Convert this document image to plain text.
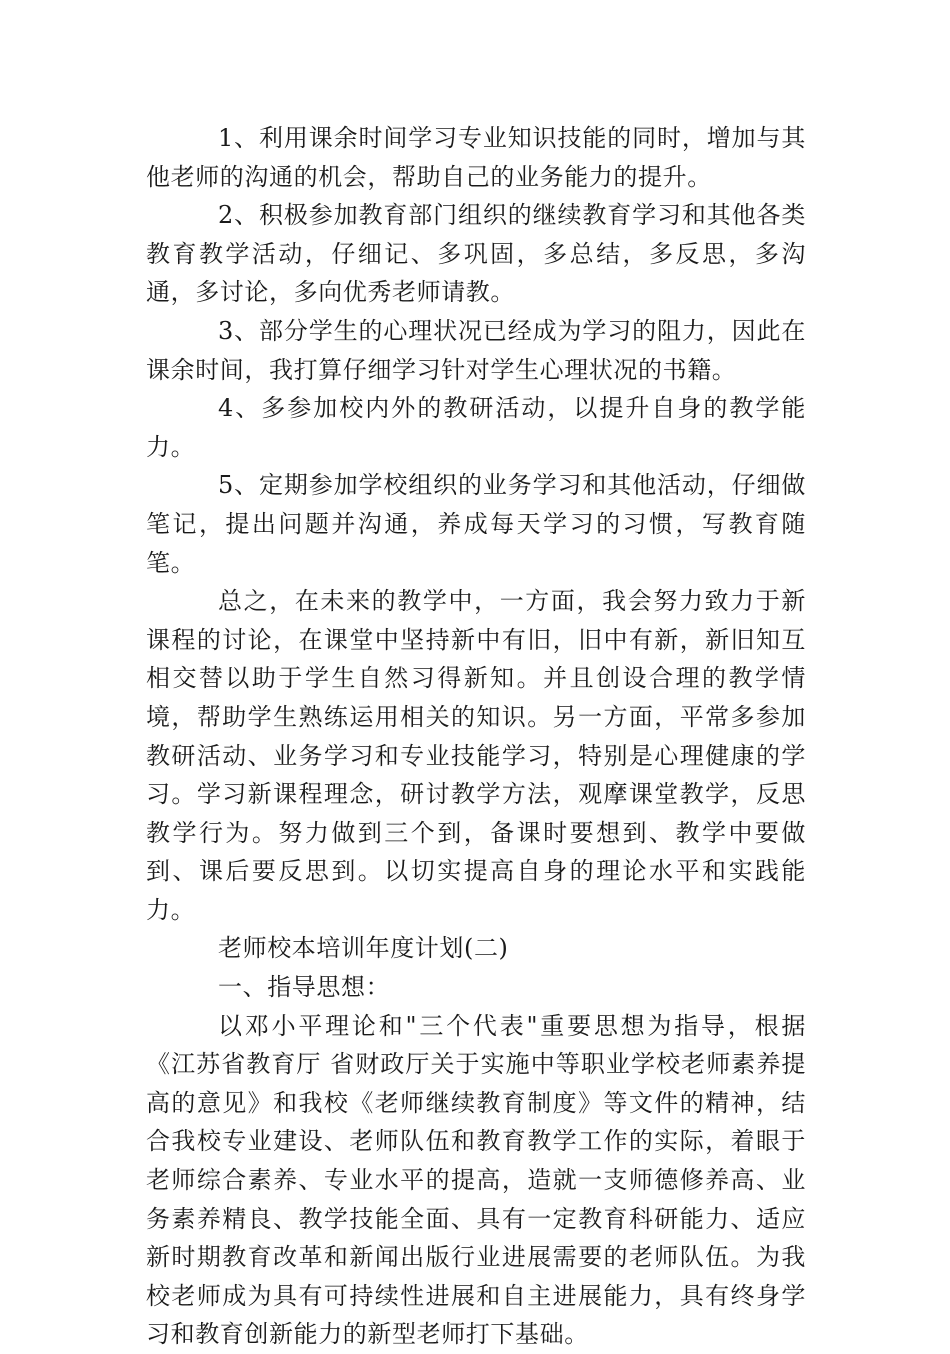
1、利用课余时间学习专业知识技能的同时，增加与其他老师的沟通的机会，帮助自己的业务能力的提升。

2、积极参加教育部门组织的继续教育学习和其他各类教育教学活动，仔细记、多巩固，多总结，多反思，多沟通，多讨论，多向优秀老师请教。

3、部分学生的心理状况已经成为学习的阻力，因此在课余时间，我打算仔细学习针对学生心理状况的书籍。

4、多参加校内外的教研活动，以提升自身的教学能力。

5、定期参加学校组织的业务学习和其他活动，仔细做笔记，提出问题并沟通，养成每天学习的习惯，写教育随笔。

总之，在未来的教学中，一方面，我会努力致力于新课程的讨论，在课堂中坚持新中有旧，旧中有新，新旧知互相交替以助于学生自然习得新知。并且创设合理的教学情境，帮助学生熟练运用相关的知识。另一方面，平常多参加教研活动、业务学习和专业技能学习，特别是心理健康的学习。学习新课程理念，研讨教学方法，观摩课堂教学，反思教学行为。努力做到三个到，备课时要想到、教学中要做到、课后要反思到。以切实提高自身的理论水平和实践能力。

老师校本培训年度计划(二)

一、指导思想：

以邓小平理论和"三个代表"重要思想为指导，根据《江苏省教育厅 省财政厅关于实施中等职业学校老师素养提高的意见》和我校《老师继续教育制度》等文件的精神，结合我校专业建设、老师队伍和教育教学工作的实际，着眼于老师综合素养、专业水平的提高，造就一支师德修养高、业务素养精良、教学技能全面、具有一定教育科研能力、适应新时期教育改革和新闻出版行业进展需要的老师队伍。为我校老师成为具有可持续性进展和自主进展能力，具有终身学习和教育创新能力的新型老师打下基础。
